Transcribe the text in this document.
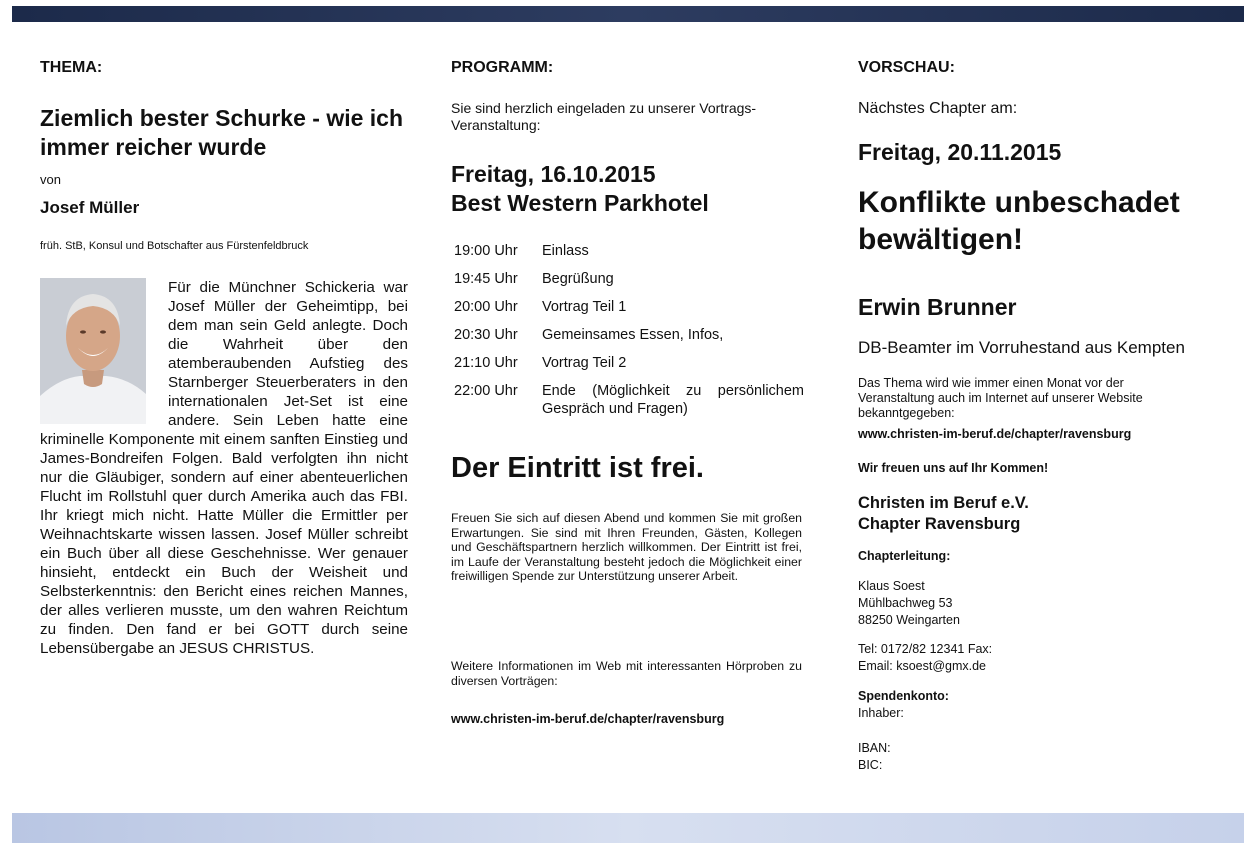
THEMA:
Ziemlich bester Schurke - wie ich immer reicher wurde
von
Josef Müller
früh. StB, Konsul und Botschafter aus Fürstenfeldbruck
Für die Münchner Schickeria war Josef Müller der Geheimtipp, bei dem man sein Geld anlegte. Doch die Wahrheit über den atemberaubenden Aufstieg des Starnberger Steuerberaters in den internationalen Jet-Set ist eine andere. Sein Leben hatte eine kriminelle Komponente mit einem sanften Einstieg und James-Bondreifen Folgen. Bald verfolgten ihn nicht nur die Gläubiger, sondern auf einer abenteuerlichen Flucht im Rollstuhl quer durch Amerika auch das FBI. Ihr kriegt mich nicht. Hatte Müller die Ermittler per Weihnachtskarte wissen lassen. Josef Müller schreibt ein Buch über all diese Geschehnisse. Wer genauer hinsieht, entdeckt ein Buch der Weisheit und Selbsterkenntnis: den Bericht eines reichen Mannes, der alles verlieren musste, um den wahren Reichtum zu finden. Den fand er bei GOTT durch seine Lebensübergabe an JESUS CHRISTUS.
PROGRAMM:
Sie sind herzlich eingeladen zu unserer Vortrags-Veranstaltung:
Freitag, 16.10.2015
Best Western Parkhotel
19:00 Uhr	Einlass
19:45 Uhr	Begrüßung
20:00 Uhr	Vortrag Teil 1
20:30 Uhr	Gemeinsames Essen, Infos,
21:10 Uhr	Vortrag Teil 2
22:00 Uhr	Ende (Möglichkeit zu persönlichem Gespräch und Fragen)
Der Eintritt ist frei.
Freuen Sie sich auf diesen Abend und kommen Sie mit großen Erwartungen. Sie sind mit Ihren Freunden, Gästen, Kollegen und Geschäftspartnern herzlich willkommen. Der Eintritt ist frei, im Laufe der Veranstaltung besteht jedoch die Möglichkeit einer freiwilligen Spende zur Unterstützung unserer Arbeit.
Weitere Informationen im Web mit interessanten Hörproben zu diversen Vorträgen:
www.christen-im-beruf.de/chapter/ravensburg
VORSCHAU:
Nächstes Chapter am:
Freitag, 20.11.2015
Konflikte unbeschadet bewältigen!
Erwin Brunner
DB-Beamter im Vorruhestand aus Kempten
Das Thema wird wie immer einen Monat vor der Veranstaltung auch im Internet auf unserer Website bekanntgegeben:
www.christen-im-beruf.de/chapter/ravensburg
Wir freuen uns auf Ihr Kommen!
Christen im Beruf e.V.
Chapter Ravensburg
Chapterleitung:
Klaus Soest
Mühlbachweg 53
88250 Weingarten
Tel: 0172/82 12341 Fax:
Email: ksoest@gmx.de
Spendenkonto:
Inhaber:
IBAN:
BIC:
